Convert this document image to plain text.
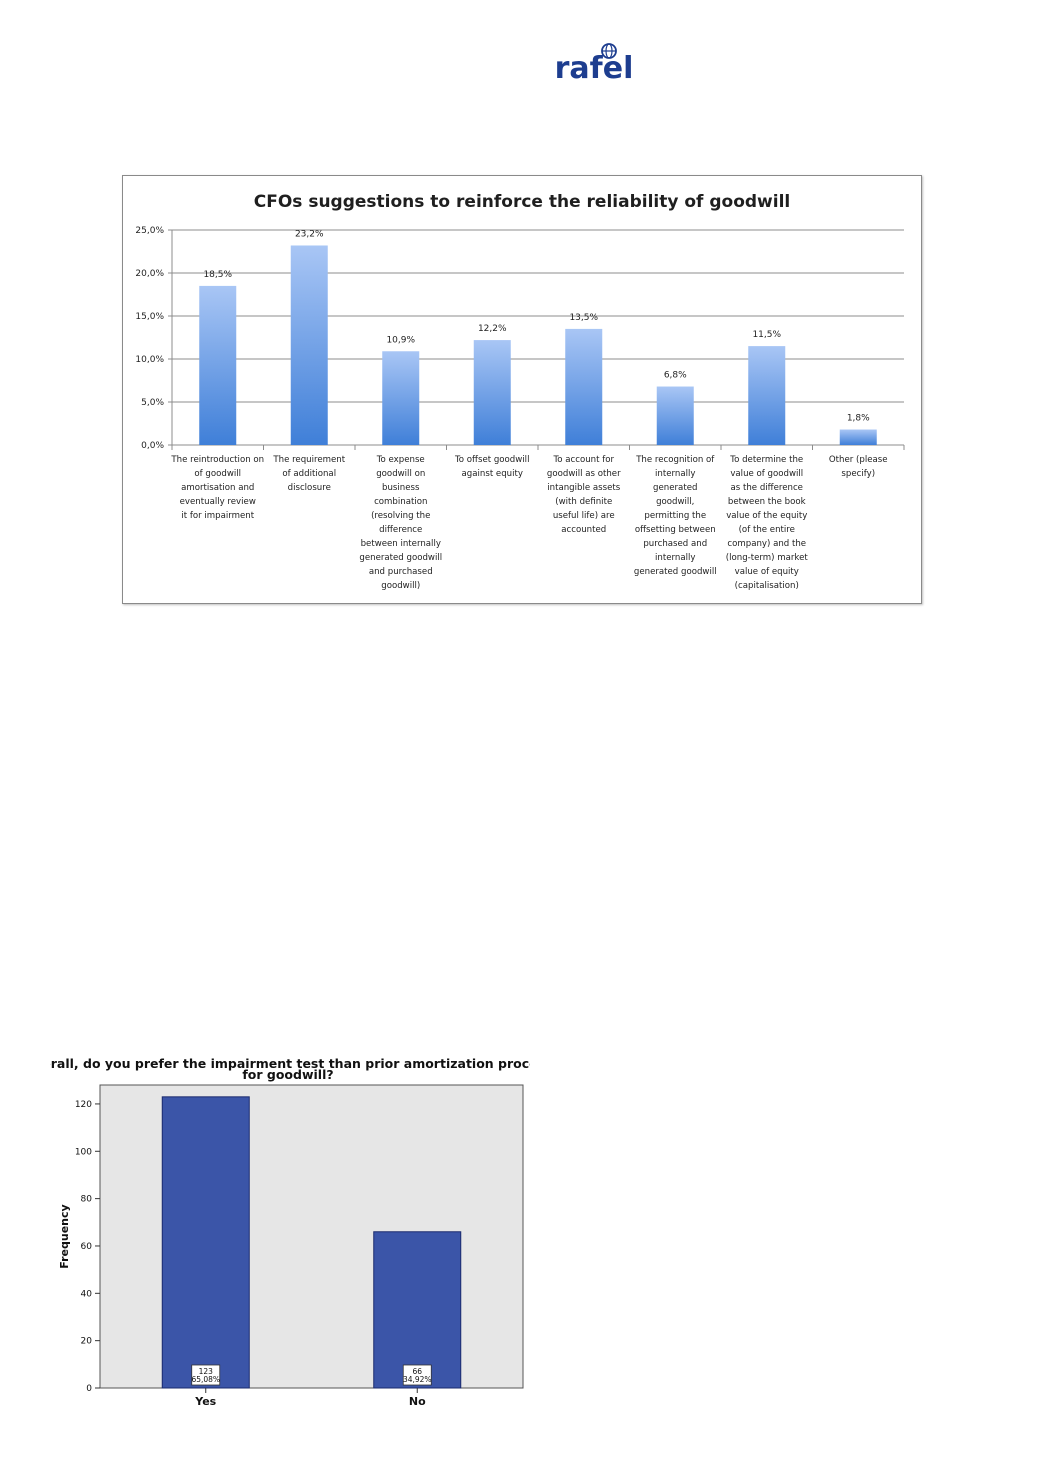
rafel
CFOs suggestions to reinforce the reliability of goodwill
0,0%
5,0%
10,0%
15,0%
20,0%
25,0%
18,5%
The reintroduction on
of goodwill
amortisation and
eventually review
it for impairment
23,2%
The requirement
of additional
disclosure
10,9%
To expense
goodwill on
business
combination
(resolving the
difference
between internally
generated goodwill
and purchased
goodwill)
12,2%
To offset goodwill
against equity
13,5%
To account for
goodwill as other
intangible assets
(with definite
useful life) are
accounted
6,8%
The recognition of
internally
generated
goodwill,
permitting the
offsetting between
purchased and
internally
generated goodwill
11,5%
To determine the
value of goodwill
as the difference
between the book
value of the equity
(of the entire
company) and the
(long-term) market
value of equity
(capitalisation)
1,8%
Other (please
specify)
Overall, do you prefer the impairment test than prior amortization process
for goodwill?
0
20
40
60
80
100
120
Frequency
123
65,08%
Yes
66
34,92%
No
